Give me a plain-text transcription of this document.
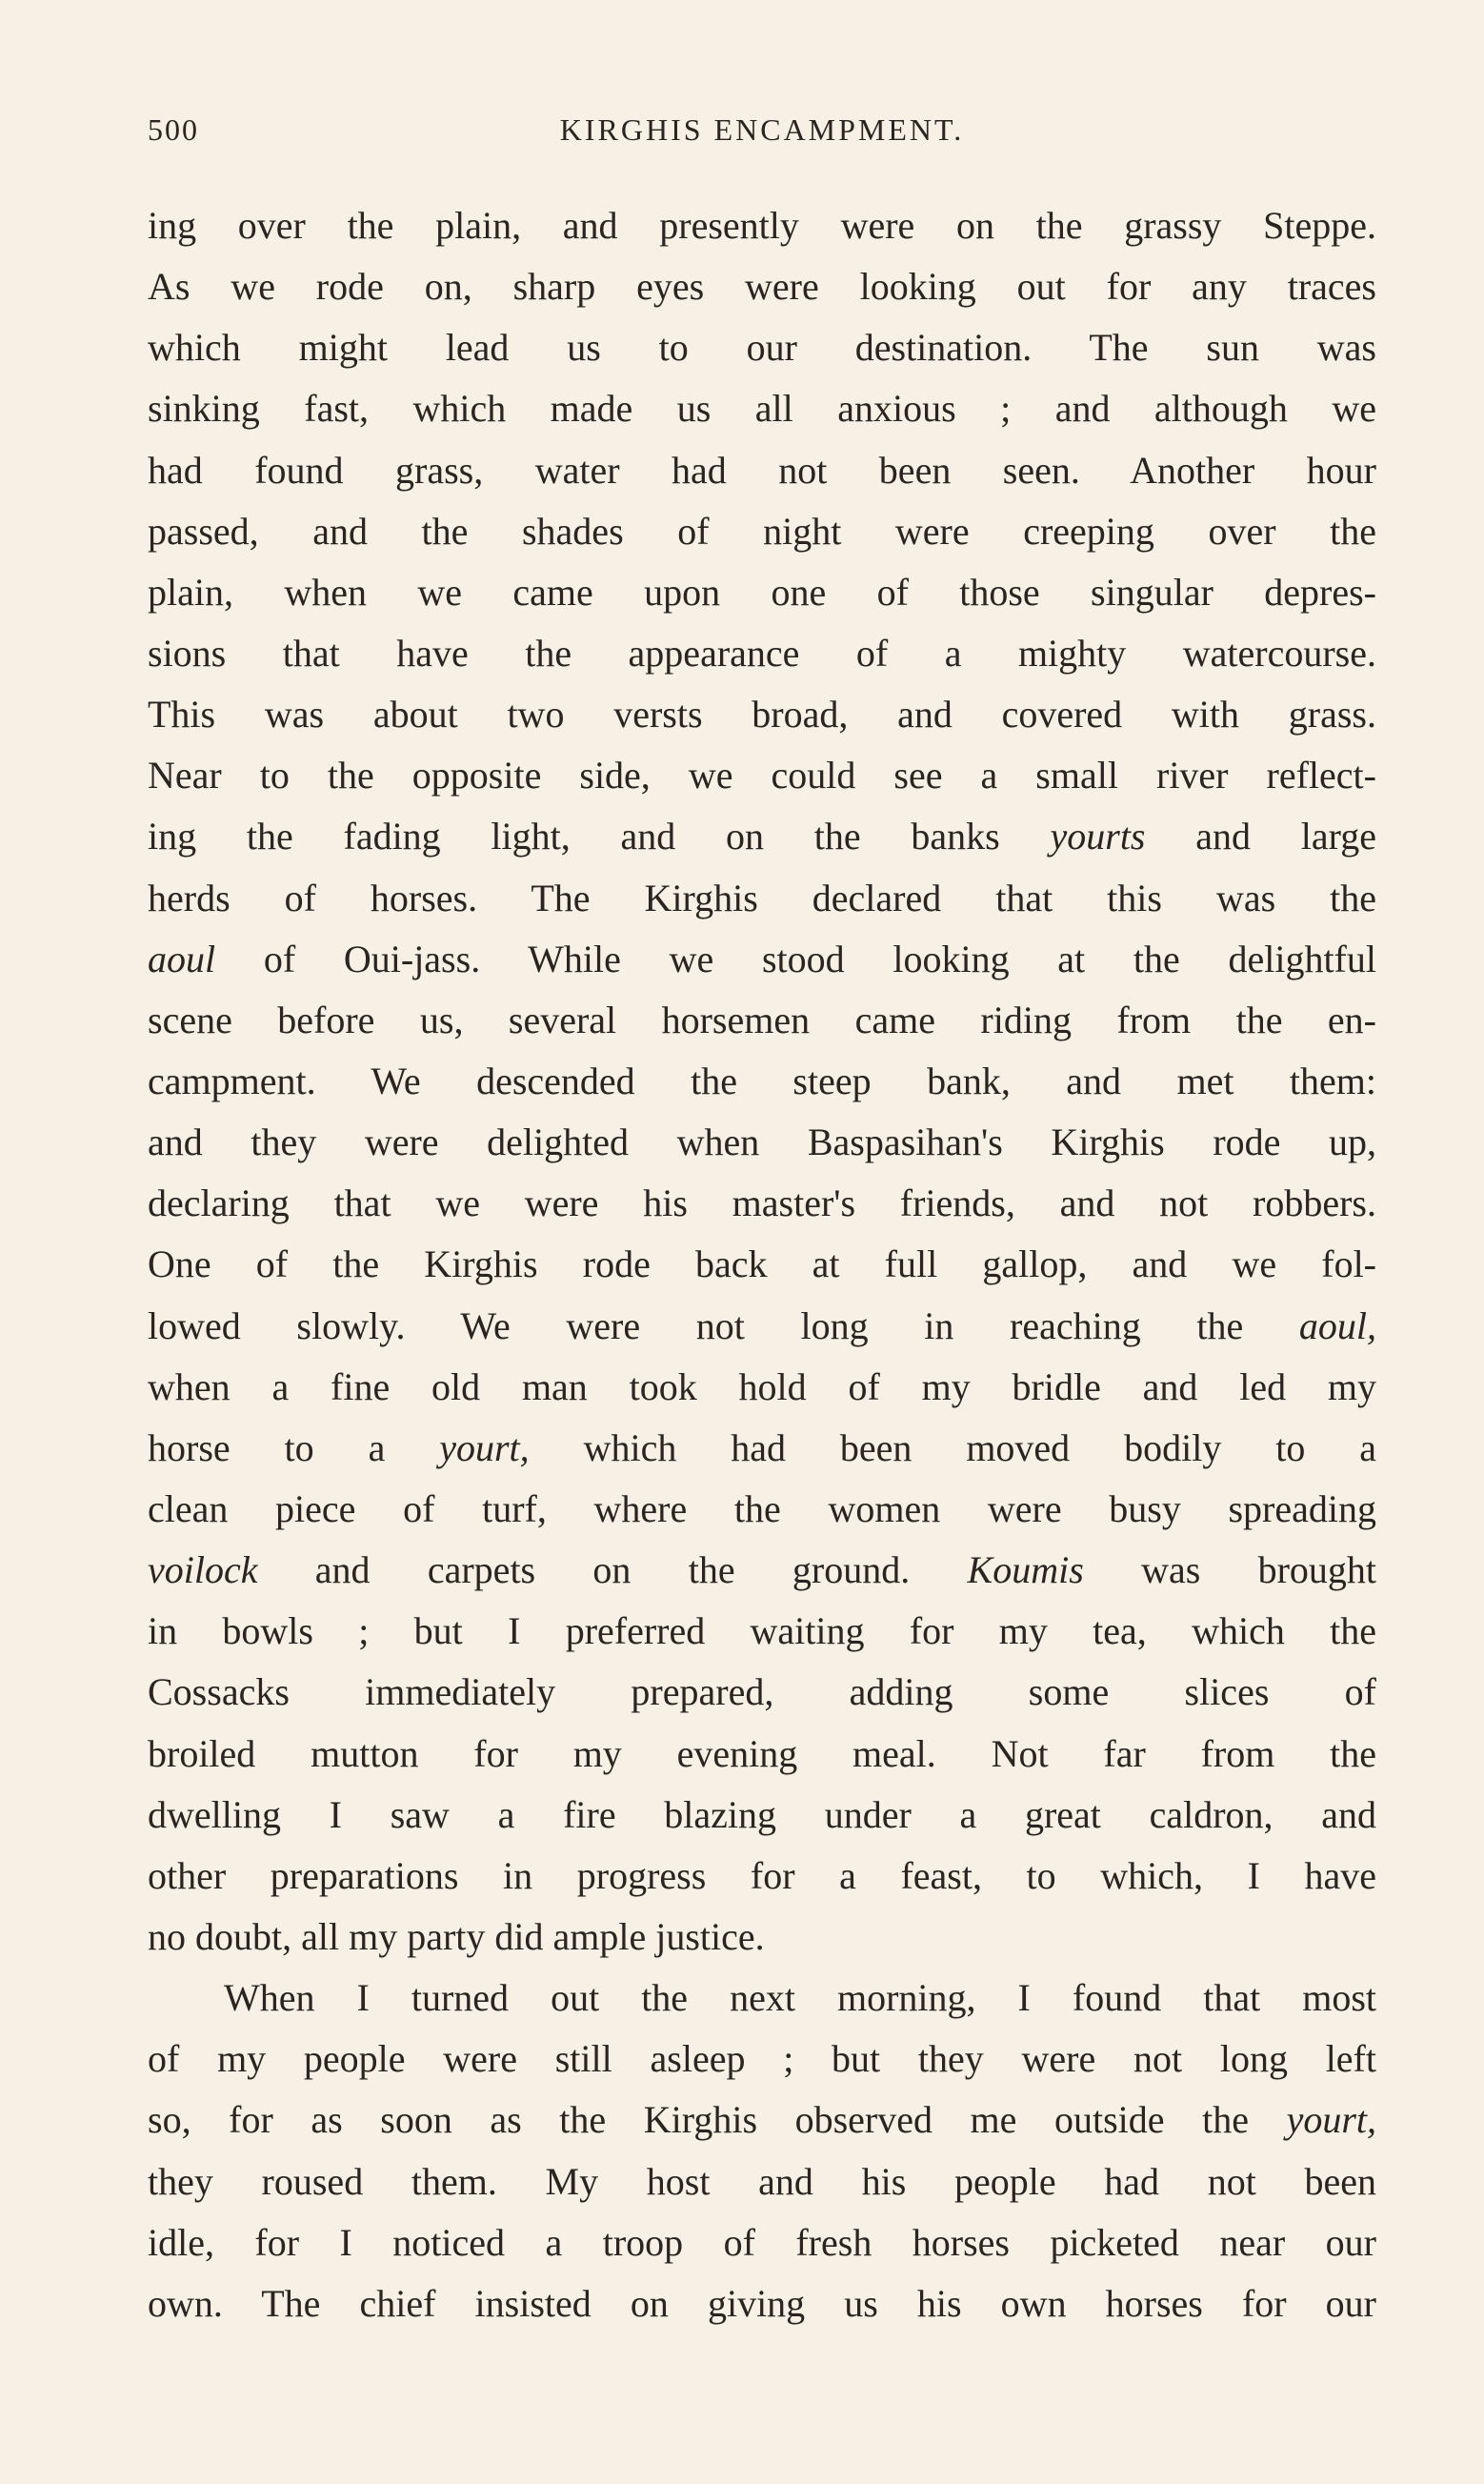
500	KIRGHIS ENCAMPMENT.
ing over the plain, and presently were on the grassy Steppe.
As we rode on, sharp eyes were looking out for any traces
which might lead us to our destination. The sun was
sinking fast, which made us all anxious ; and although we
had found grass, water had not been seen. Another hour
passed, and the shades of night were creeping over the
plain, when we came upon one of those singular depres-
sions that have the appearance of a mighty watercourse.
This was about two versts broad, and covered with grass.
Near to the opposite side, we could see a small river reflect-
ing the fading light, and on the banks yourts and large
herds of horses. The Kirghis declared that this was the
aoul of Oui-jass. While we stood looking at the delightful
scene before us, several horsemen came riding from the en-
campment. We descended the steep bank, and met them:
and they were delighted when Baspasihan's Kirghis rode up,
declaring that we were his master's friends, and not robbers.
One of the Kirghis rode back at full gallop, and we fol-
lowed slowly. We were not long in reaching the aoul,
when a fine old man took hold of my bridle and led my
horse to a yourt, which had been moved bodily to a
clean piece of turf, where the women were busy spreading
voilock and carpets on the ground. Koumis was brought
in bowls ; but I preferred waiting for my tea, which the
Cossacks immediately prepared, adding some slices of
broiled mutton for my evening meal. Not far from the
dwelling I saw a fire blazing under a great caldron, and
other preparations in progress for a feast, to which, I have
no doubt, all my party did ample justice.
When I turned out the next morning, I found that most
of my people were still asleep ; but they were not long left
so, for as soon as the Kirghis observed me outside the yourt,
they roused them. My host and his people had not been
idle, for I noticed a troop of fresh horses picketed near our
own. The chief insisted on giving us his own horses for our
